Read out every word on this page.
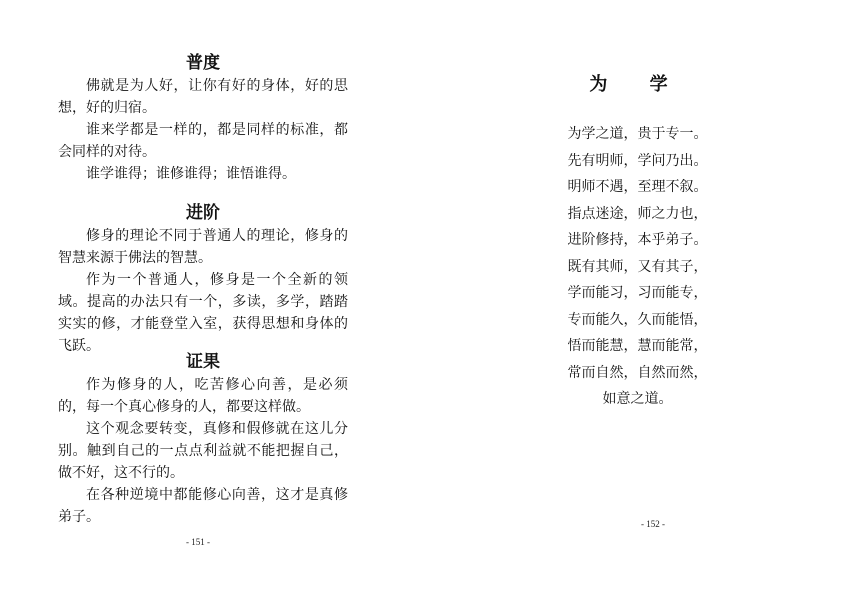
普度

佛就是为人好，让你有好的身体，好的思想，好的归宿。

谁来学都是一样的，都是同样的标准，都会同样的对待。

谁学谁得；谁修谁得；谁悟谁得。

进阶

修身的理论不同于普通人的理论，修身的智慧来源于佛法的智慧。

作为一个普通人，修身是一个全新的领域。提高的办法只有一个，多读，多学，踏踏实实的修，才能登堂入室，获得思想和身体的飞跃。

证果

作为修身的人，吃苦修心向善，是必须的，每一个真心修身的人，都要这样做。

这个观念要转变，真修和假修就在这儿分别。触到自己的一点点利益就不能把握自己，做不好，这不行的。

在各种逆境中都能修心向善，这才是真修弟子。

- 151 -
为 学
为学之道，贵于专一。
先有明师，学问乃出。
明师不遇，至理不叙。
指点迷途，师之力也，
进阶修持，本乎弟子。
既有其师，又有其子，
学而能习，习而能专，
专而能久，久而能悟，
悟而能慧，慧而能常，
常而自然，自然而然，
如意之道。
- 152 -
